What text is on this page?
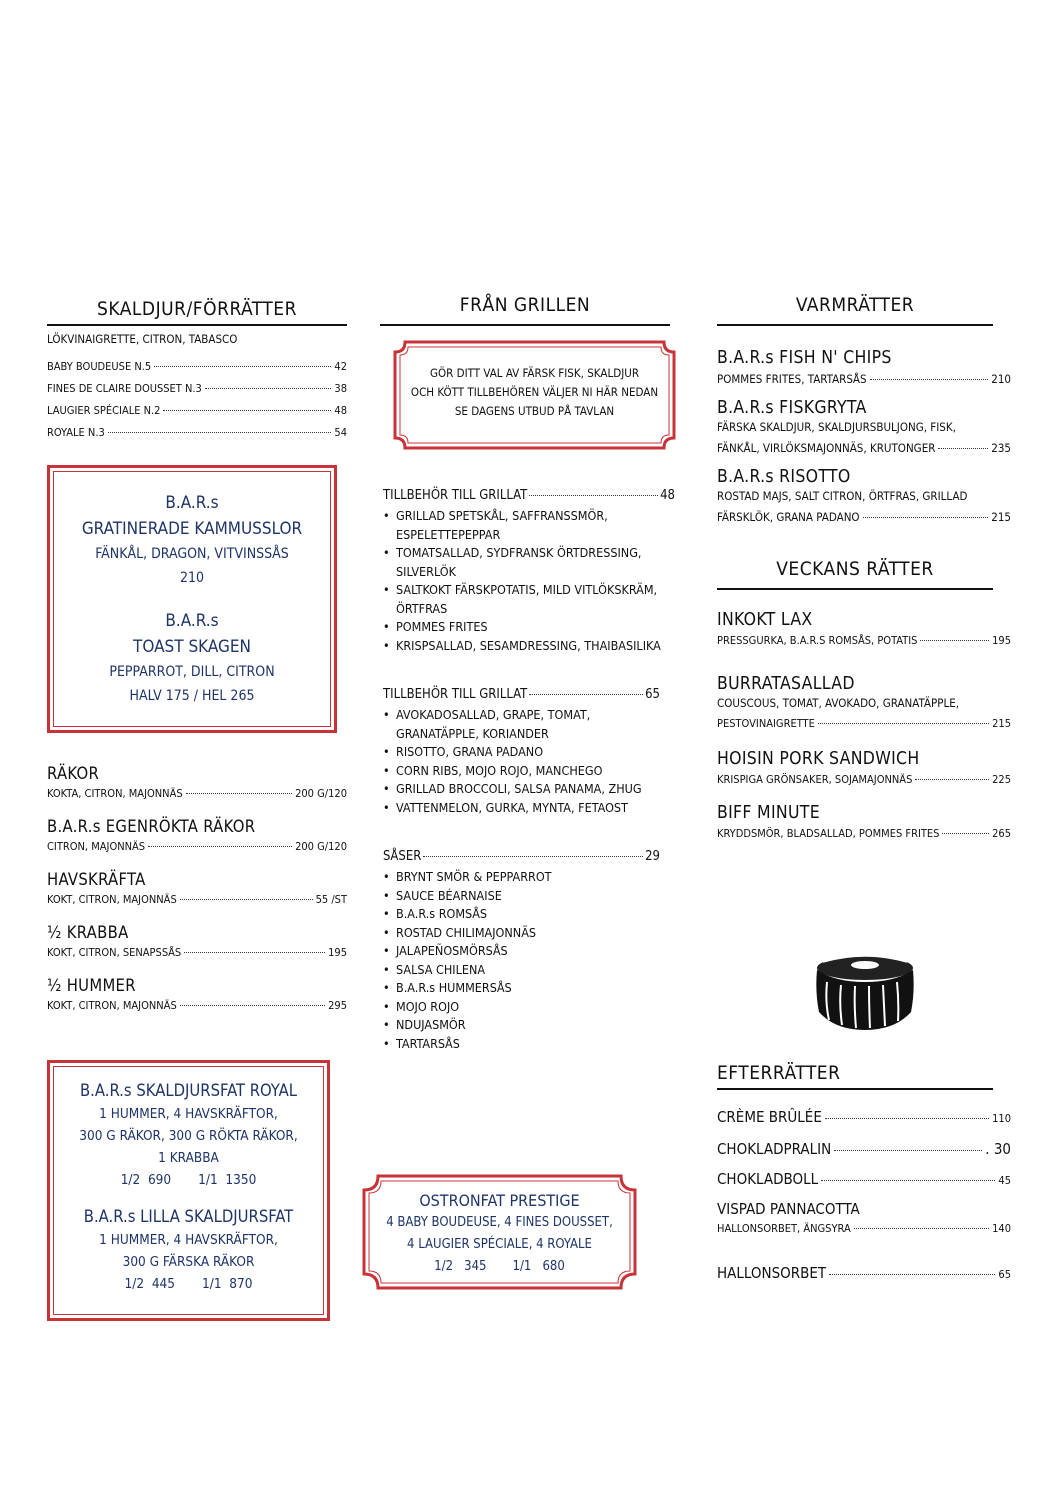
SKALDJUR/FÖRRÄTTER
LÖKVINAIGRETTE, CITRON, TABASCO
BABY BOUDEUSE N.5	42
FINES DE CLAIRE DOUSSET N.3	38
LAUGIER SPÉCIALE N.2	48
ROYALE N.3	54
B.A.R.s
GRATINERADE KAMMUSSLOR
FÄNKÅL, DRAGON, VITVINSSÅS
210
B.A.R.s
TOAST SKAGEN
PEPPARROT, DILL, CITRON
HALV 175 / HEL 265
RÄKOR
KOKTA, CITRON, MAJONNÄS	200 G/120
B.A.R.s EGENRÖKTA RÄKOR
CITRON, MAJONNÄS	200 G/120
HAVSKRÄFTA
KOKT, CITRON, MAJONNÄS	55 /ST
½ KRABBA
KOKT, CITRON, SENAPSSÅS	195
½ HUMMER
KOKT, CITRON, MAJONNÄS	295
B.A.R.s SKALDJURSFAT ROYAL
1 HUMMER, 4 HAVSKRÄFTOR,
300 G RÄKOR, 300 G RÖKTA RÄKOR,
1 KRABBA
1/2 690 1/1 1350
B.A.R.s LILLA SKALDJURSFAT
1 HUMMER, 4 HAVSKRÄFTOR,
300 G FÄRSKA RÄKOR
1/2 445 1/1 870
FRÅN GRILLEN
GÖR DITT VAL AV FÄRSK FISK, SKALDJUR
OCH KÖTT TILLBEHÖREN VÄLJER NI HÄR NEDAN
SE DAGENS UTBUD PÅ TAVLAN
TILLBEHÖR TILL GRILLAT	48
• GRILLAD SPETSKÅL, SAFFRANSSMÖR, ESPELETTEPEPPAR
• TOMATSALLAD, SYDFRANSK ÖRTDRESSING, SILVERLÖK
• SALTKOKT FÄRSKPOTATIS, MILD VITLÖKSKRÄM, ÖRTFRAS
• POMMES FRITES
• KRISPSALLAD, SESAMDRESSING, THAIBASILIKA
TILLBEHÖR TILL GRILLAT	65
• AVOKADOSALLAD, GRAPE, TOMAT, GRANATÄPPLE, KORIANDER
• RISOTTO, GRANA PADANO
• CORN RIBS, MOJO ROJO, MANCHEGO
• GRILLAD BROCCOLI, SALSA PANAMA, ZHUG
• VATTENMELON, GURKA, MYNTA, FETAOST
SÅSER	29
• BRYNT SMÖR & PEPPARROT
• SAUCE BÉARNAISE
• B.A.R.s ROMSÅS
• ROSTAD CHILIMAJONNÄS
• JALAPEÑOSMÖRSÅS
• SALSA CHILENA
• B.A.R.s HUMMERSÅS
• MOJO ROJO
• NDUJASMÖR
• TARTARSÅS
OSTRONFAT PRESTIGE
4 BABY BOUDEUSE, 4 FINES DOUSSET,
4 LAUGIER SPÉCIALE, 4 ROYALE
1/2 345 1/1 680
VARMRÄTTER
B.A.R.s FISH N' CHIPS
POMMES FRITES, TARTARSÅS	210
B.A.R.s FISKGRYTA
FÄRSKA SKALDJUR, SKALDJURSBULJONG, FISK,
FÄNKÅL, VIRLÖKSMAJONNÄS, KRUTONGER	235
B.A.R.s RISOTTO
ROSTAD MAJS, SALT CITRON, ÖRTFRAS, GRILLAD
FÄRSKLÖK, GRANA PADANO	215
VECKANS RÄTTER
INKOKT LAX
PRESSGURKA, B.A.R.S ROMSÅS, POTATIS	195
BURRATASALLAD
COUSCOUS, TOMAT, AVOKADO, GRANATÄPPLE,
PESTOVINAIGRETTE	215
HOISIN PORK SANDWICH
KRISPIGA GRÖNSAKER, SOJAMAJONNÄS	225
BIFF MINUTE
KRYDDSMÖR, BLADSALLAD, POMMES FRITES	265
EFTERRÄTTER
CRÈME BRÛLÉE	110
CHOKLADPRALIN	. 30
CHOKLADBOLL	45
VISPAD PANNACOTTA
HALLONSORBET, ÄNGSYRA	140
HALLONSORBET	65
